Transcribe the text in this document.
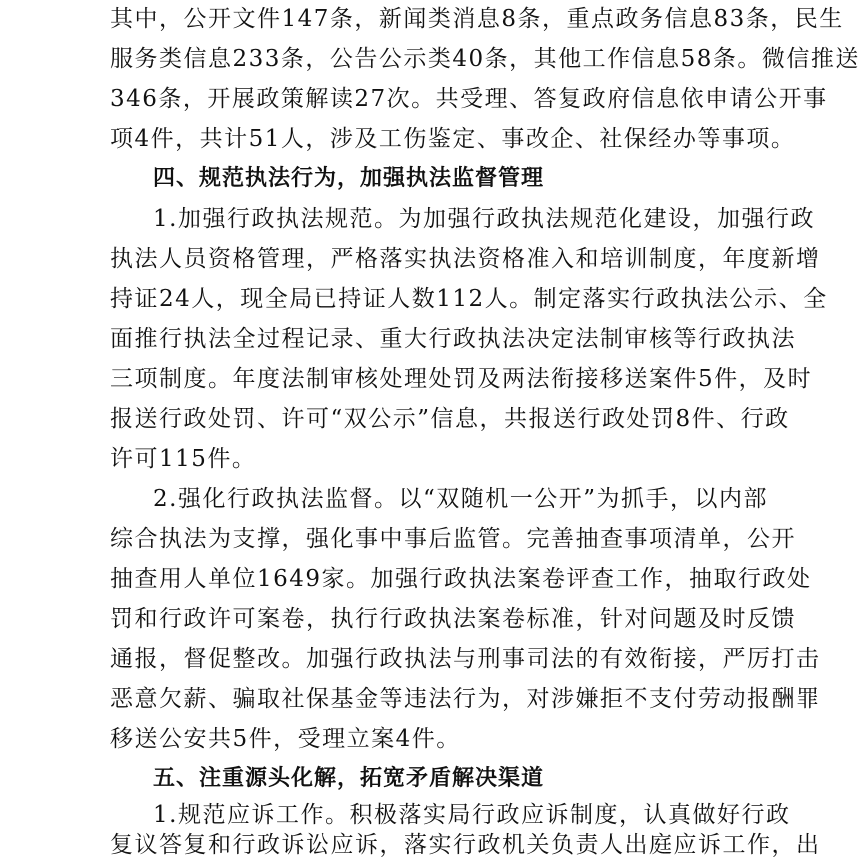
其中，公开文件147条，新闻类消息8条，重点政务信息83条，民生
服务类信息233条，公告公示类40条，其他工作信息58条。微信推送
346条，开展政策解读27次。共受理、答复政府信息依申请公开事
项4件，共计51人，涉及工伤鉴定、事改企、社保经办等事项。
四、规范执法行为，加强执法监督管理
1.加强行政执法规范。为加强行政执法规范化建设，加强行政
执法人员资格管理，严格落实执法资格准入和培训制度，年度新增
持证24人，现全局已持证人数112人。制定落实行政执法公示、全
面推行执法全过程记录、重大行政执法决定法制审核等行政执法
三项制度。年度法制审核处理处罚及两法衔接移送案件5件，及时
报送行政处罚、许可“双公示”信息，共报送行政处罚8件、行政
许可115件。
2.强化行政执法监督。以“双随机一公开”为抓手，以内部
综合执法为支撑，强化事中事后监管。完善抽查事项清单，公开
抽查用人单位1649家。加强行政执法案卷评查工作，抽取行政处
罚和行政许可案卷，执行行政执法案卷标准，针对问题及时反馈
通报，督促整改。加强行政执法与刑事司法的有效衔接，严厉打击
恶意欠薪、骗取社保基金等违法行为，对涉嫌拒不支付劳动报酬罪
移送公安共5件，受理立案4件。
五、注重源头化解，拓宽矛盾解决渠道
1.规范应诉工作。积极落实局行政应诉制度，认真做好行政
复议答复和行政诉讼应诉，落实行政机关负责人出庭应诉工作，出
